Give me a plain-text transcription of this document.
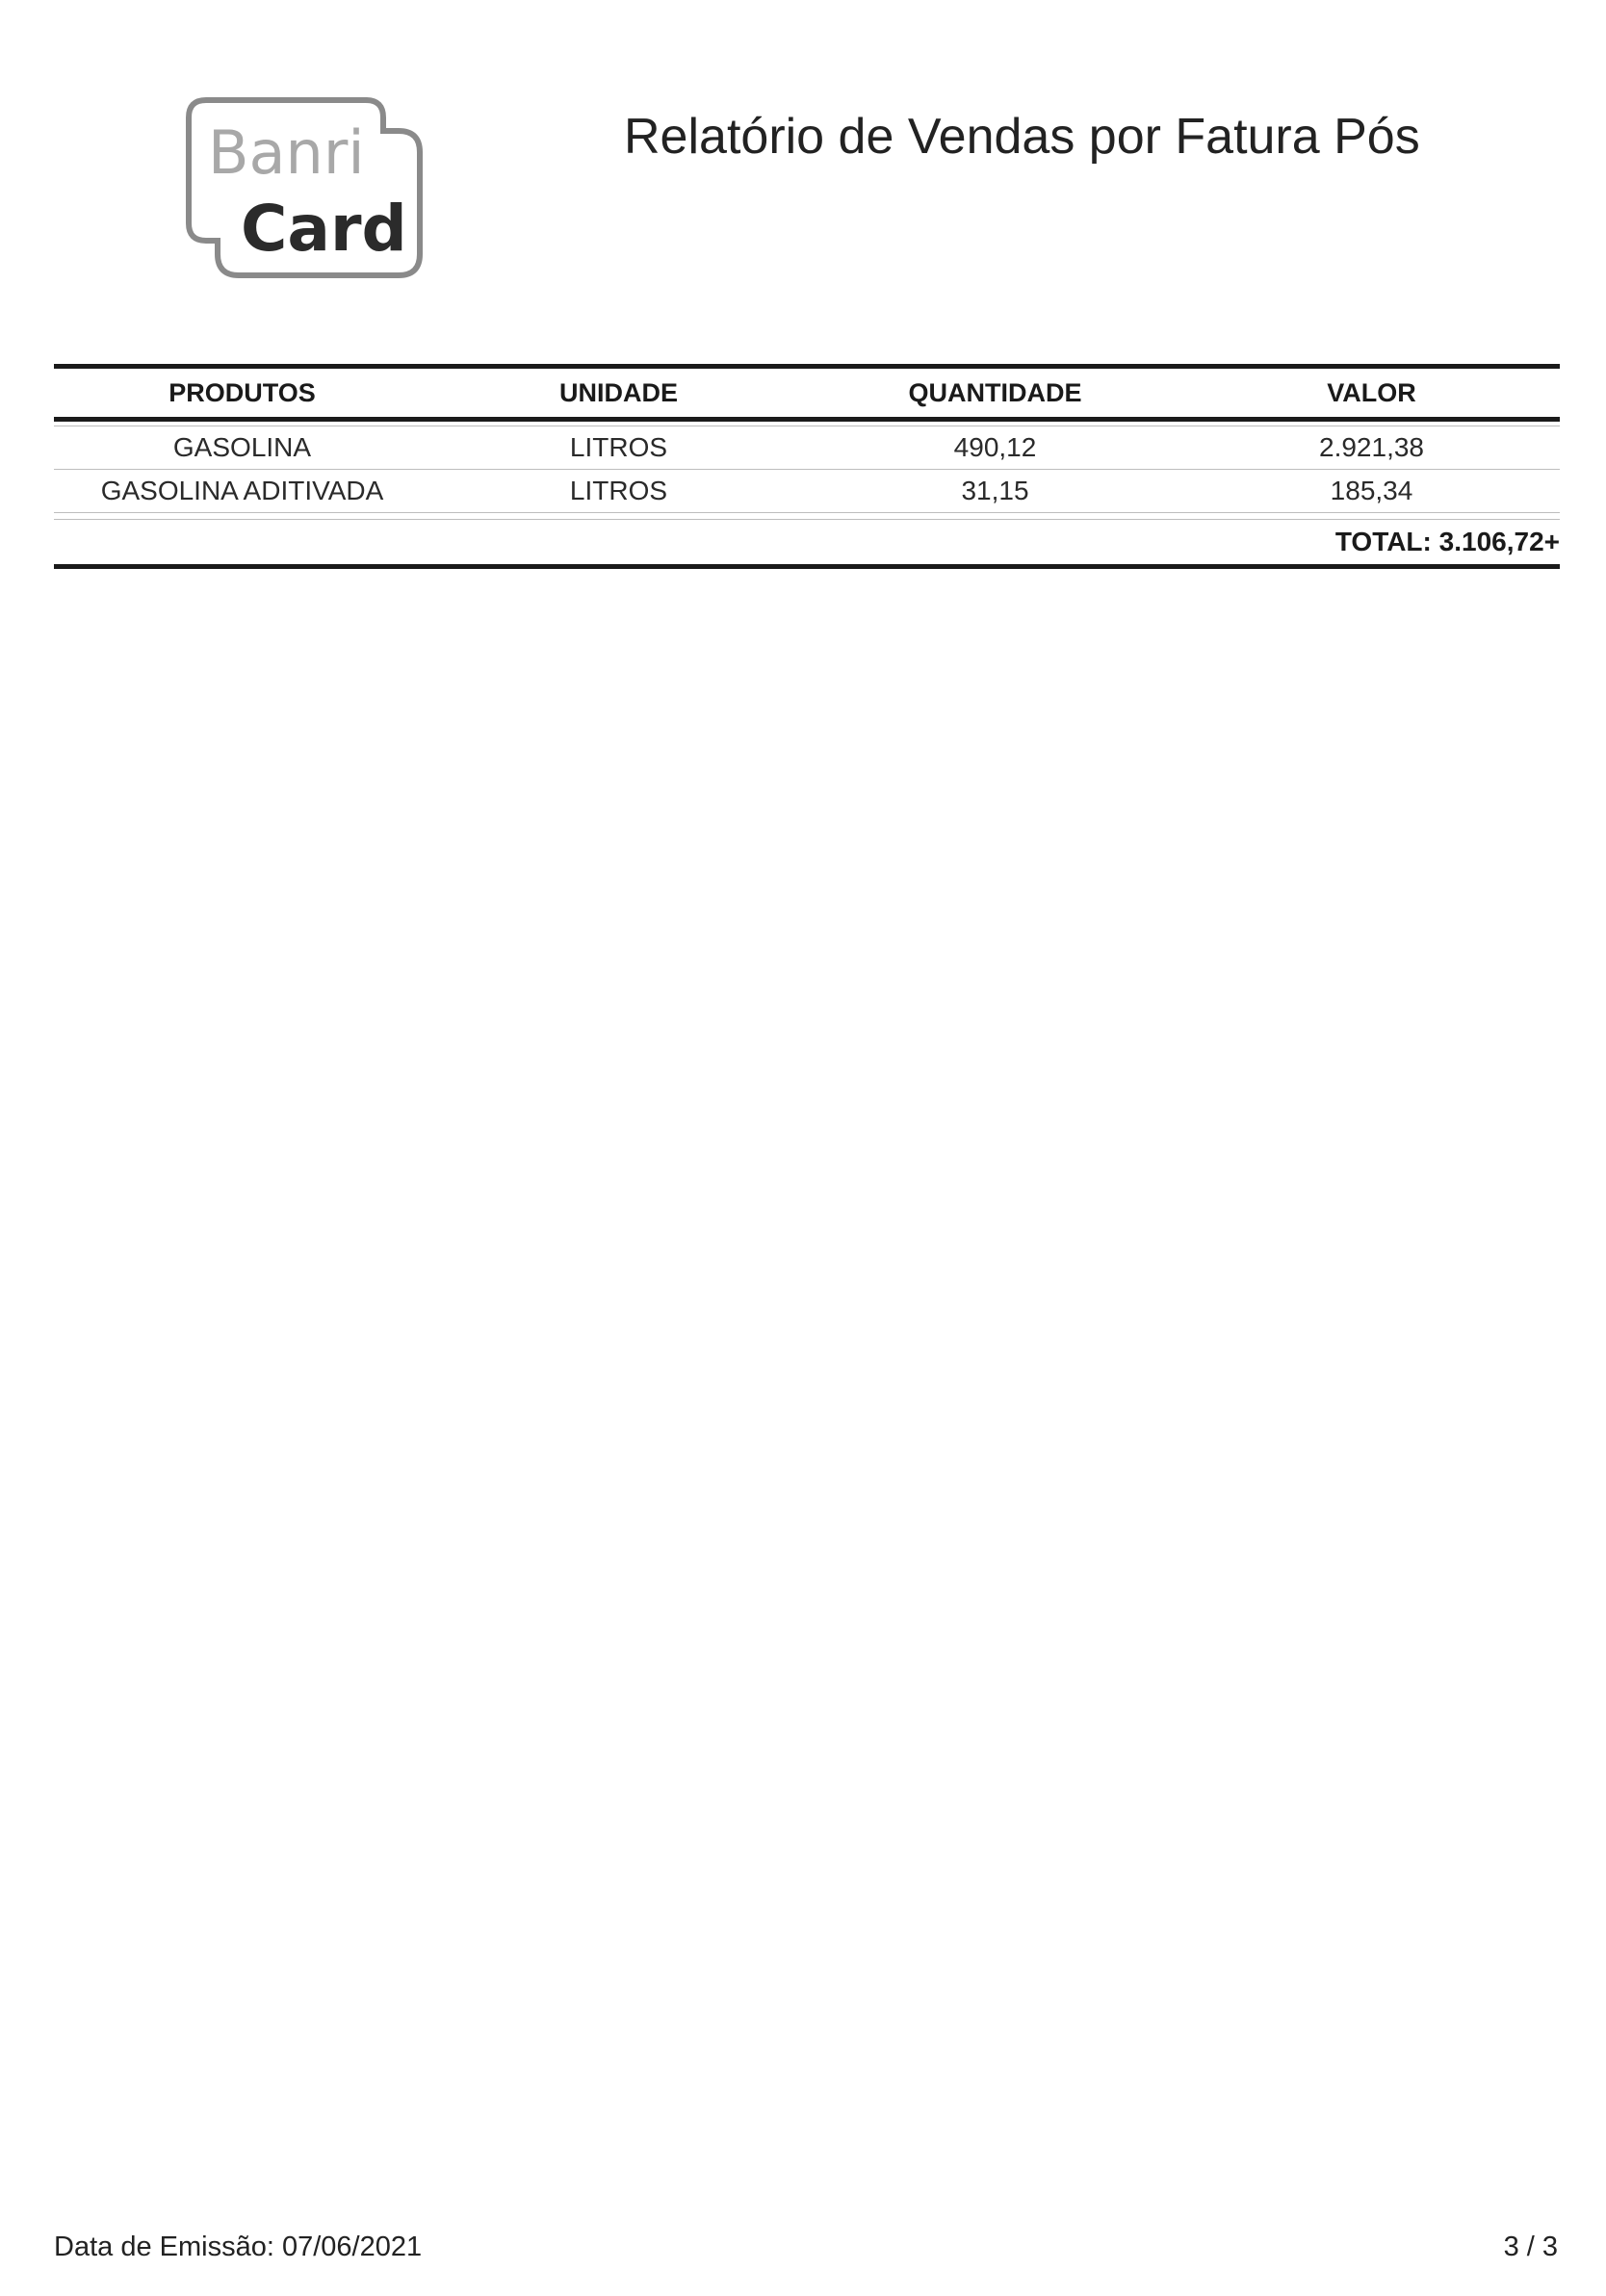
Banri
Card
Relatório de Vendas por Fatura Pós
PRODUTOS	UNIDADE	QUANTIDADE	VALOR
GASOLINA	LITROS	490,12	2.921,38
GASOLINA ADITIVADA	LITROS	31,15	185,34
TOTAL: 3.106,72+
Data de Emissão: 07/06/2021	3 / 3
